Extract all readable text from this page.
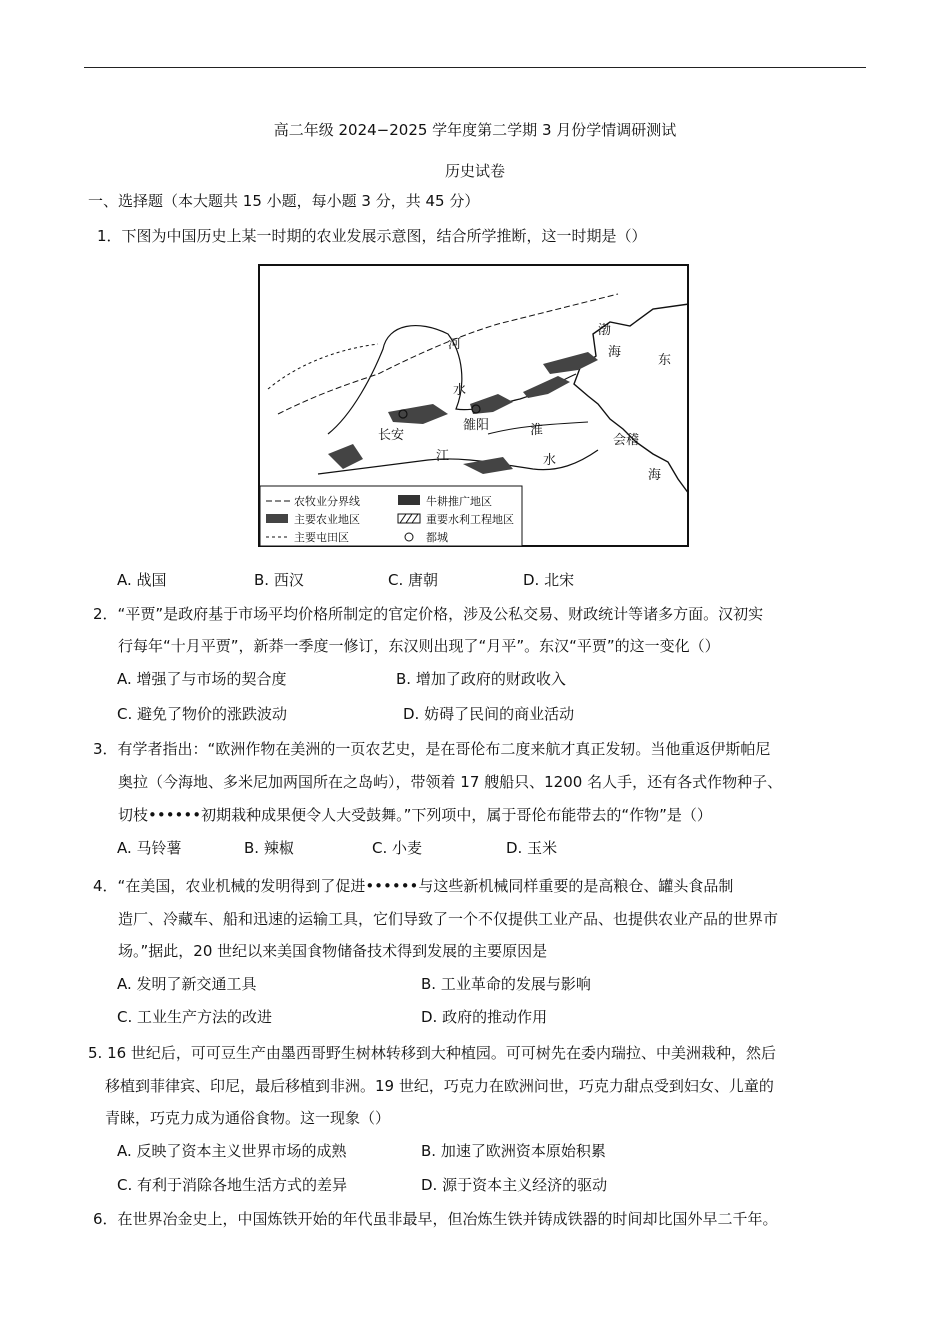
高二年级 2024−2025 学年度第二学期 3 月份学情调研测试
历史试卷
一、选择题（本大题共 15 小题，每小题 3 分，共 45 分）
1．下图为中国历史上某一时期的农业发展示意图，结合所学推断，这一时期是（）
河
渤
海
东
水
淮
水
江
会稽
海
长安
雒阳
农牧业分界线	牛耕推广地区
主要农业地区	重要水利工程地区
主要屯田区	都城
A. 战国	B. 西汉	C. 唐朝	D. 北宋
2．“平贾”是政府基于市场平均价格所制定的官定价格，涉及公私交易、财政统计等诸多方面。汉初实
行每年“十月平贾”，新莽一季度一修订，东汉则出现了“月平”。东汉“平贾”的这一变化（）
A. 增强了与市场的契合度	B. 增加了政府的财政收入
C. 避免了物价的涨跌波动	D. 妨碍了民间的商业活动
3．有学者指出：“欧洲作物在美洲的一页农艺史，是在哥伦布二度来航才真正发轫。当他重返伊斯帕尼
奥拉（今海地、多米尼加两国所在之岛屿），带领着 17 艘船只、1200 名人手，还有各式作物种子、
切枝••••••初期栽种成果便令人大受鼓舞。”下列项中，属于哥伦布能带去的“作物”是（）
A. 马铃薯	B. 辣椒	C. 小麦	D. 玉米
4．“在美国，农业机械的发明得到了促进••••••与这些新机械同样重要的是高粮仓、罐头食品制
造厂、冷藏车、船和迅速的运输工具，它们导致了一个不仅提供工业产品、也提供农业产品的世界市
场。”据此，20 世纪以来美国食物储备技术得到发展的主要原因是
A. 发明了新交通工具	B. 工业革命的发展与影响
C. 工业生产方法的改进	D. 政府的推动作用
5. 16 世纪后，可可豆生产由墨西哥野生树林转移到大种植园。可可树先在委内瑞拉、中美洲栽种，然后
移植到菲律宾、印尼，最后移植到非洲。19 世纪，巧克力在欧洲问世，巧克力甜点受到妇女、儿童的
青睐，巧克力成为通俗食物。这一现象（）
A. 反映了资本主义世界市场的成熟	B. 加速了欧洲资本原始积累
C. 有利于消除各地生活方式的差异	D. 源于资本主义经济的驱动
6．在世界冶金史上，中国炼铁开始的年代虽非最早，但冶炼生铁并铸成铁器的时间却比国外早二千年。
